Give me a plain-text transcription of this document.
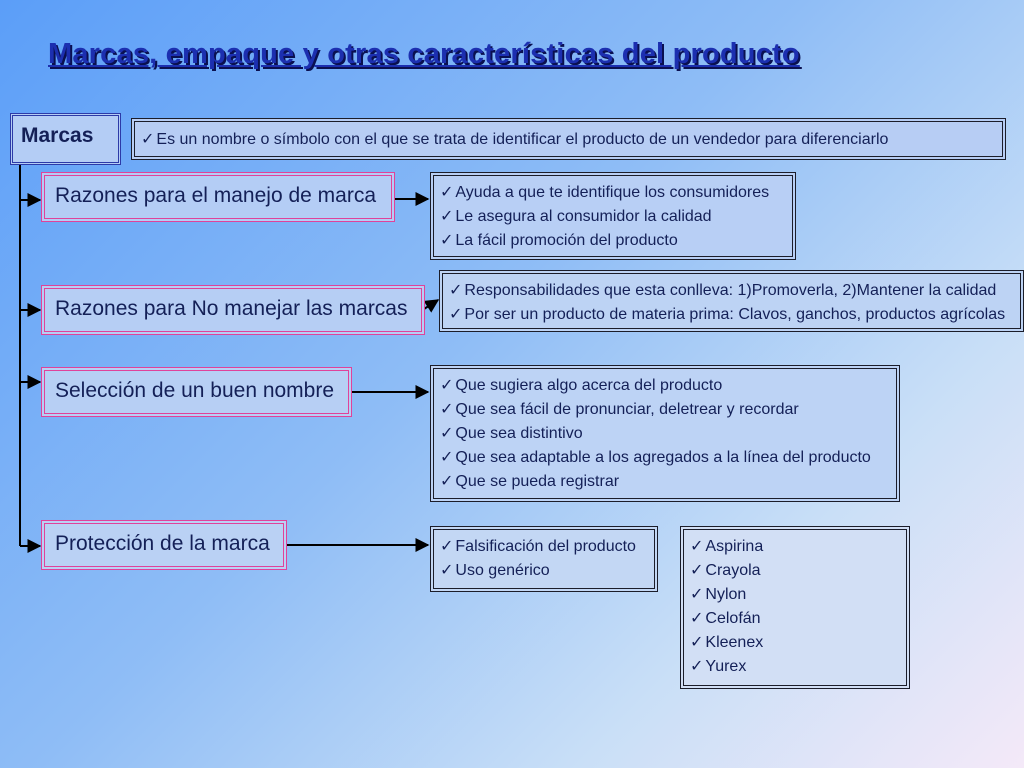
Marcas, empaque y otras características del producto
Marcas	✓ Es un nombre o símbolo con el que se trata de identificar el producto de un vendedor para diferenciarlo
Razones para el manejo de marca	✓ Ayuda a que te identifique los consumidores
✓ Le asegura al consumidor la calidad
✓ La fácil promoción del producto
Razones para No manejar las marcas
✓ Responsabilidades que esta conlleva: 1)Promoverla, 2)Mantener la calidad
✓ Por ser un producto de materia prima: Clavos, ganchos, productos agrícolas
Selección de un buen nombre	✓ Que sugiera algo acerca del producto
✓ Que sea fácil de pronunciar, deletrear y recordar
✓ Que sea distintivo
✓ Que sea adaptable a los agregados a la línea del producto
✓ Que se pueda registrar
Protección de la marca	✓ Falsificación del producto
✓ Uso genérico
✓ Aspirina
✓ Crayola
✓ Nylon
✓ Celofán
✓ Kleenex
✓ Yurex
